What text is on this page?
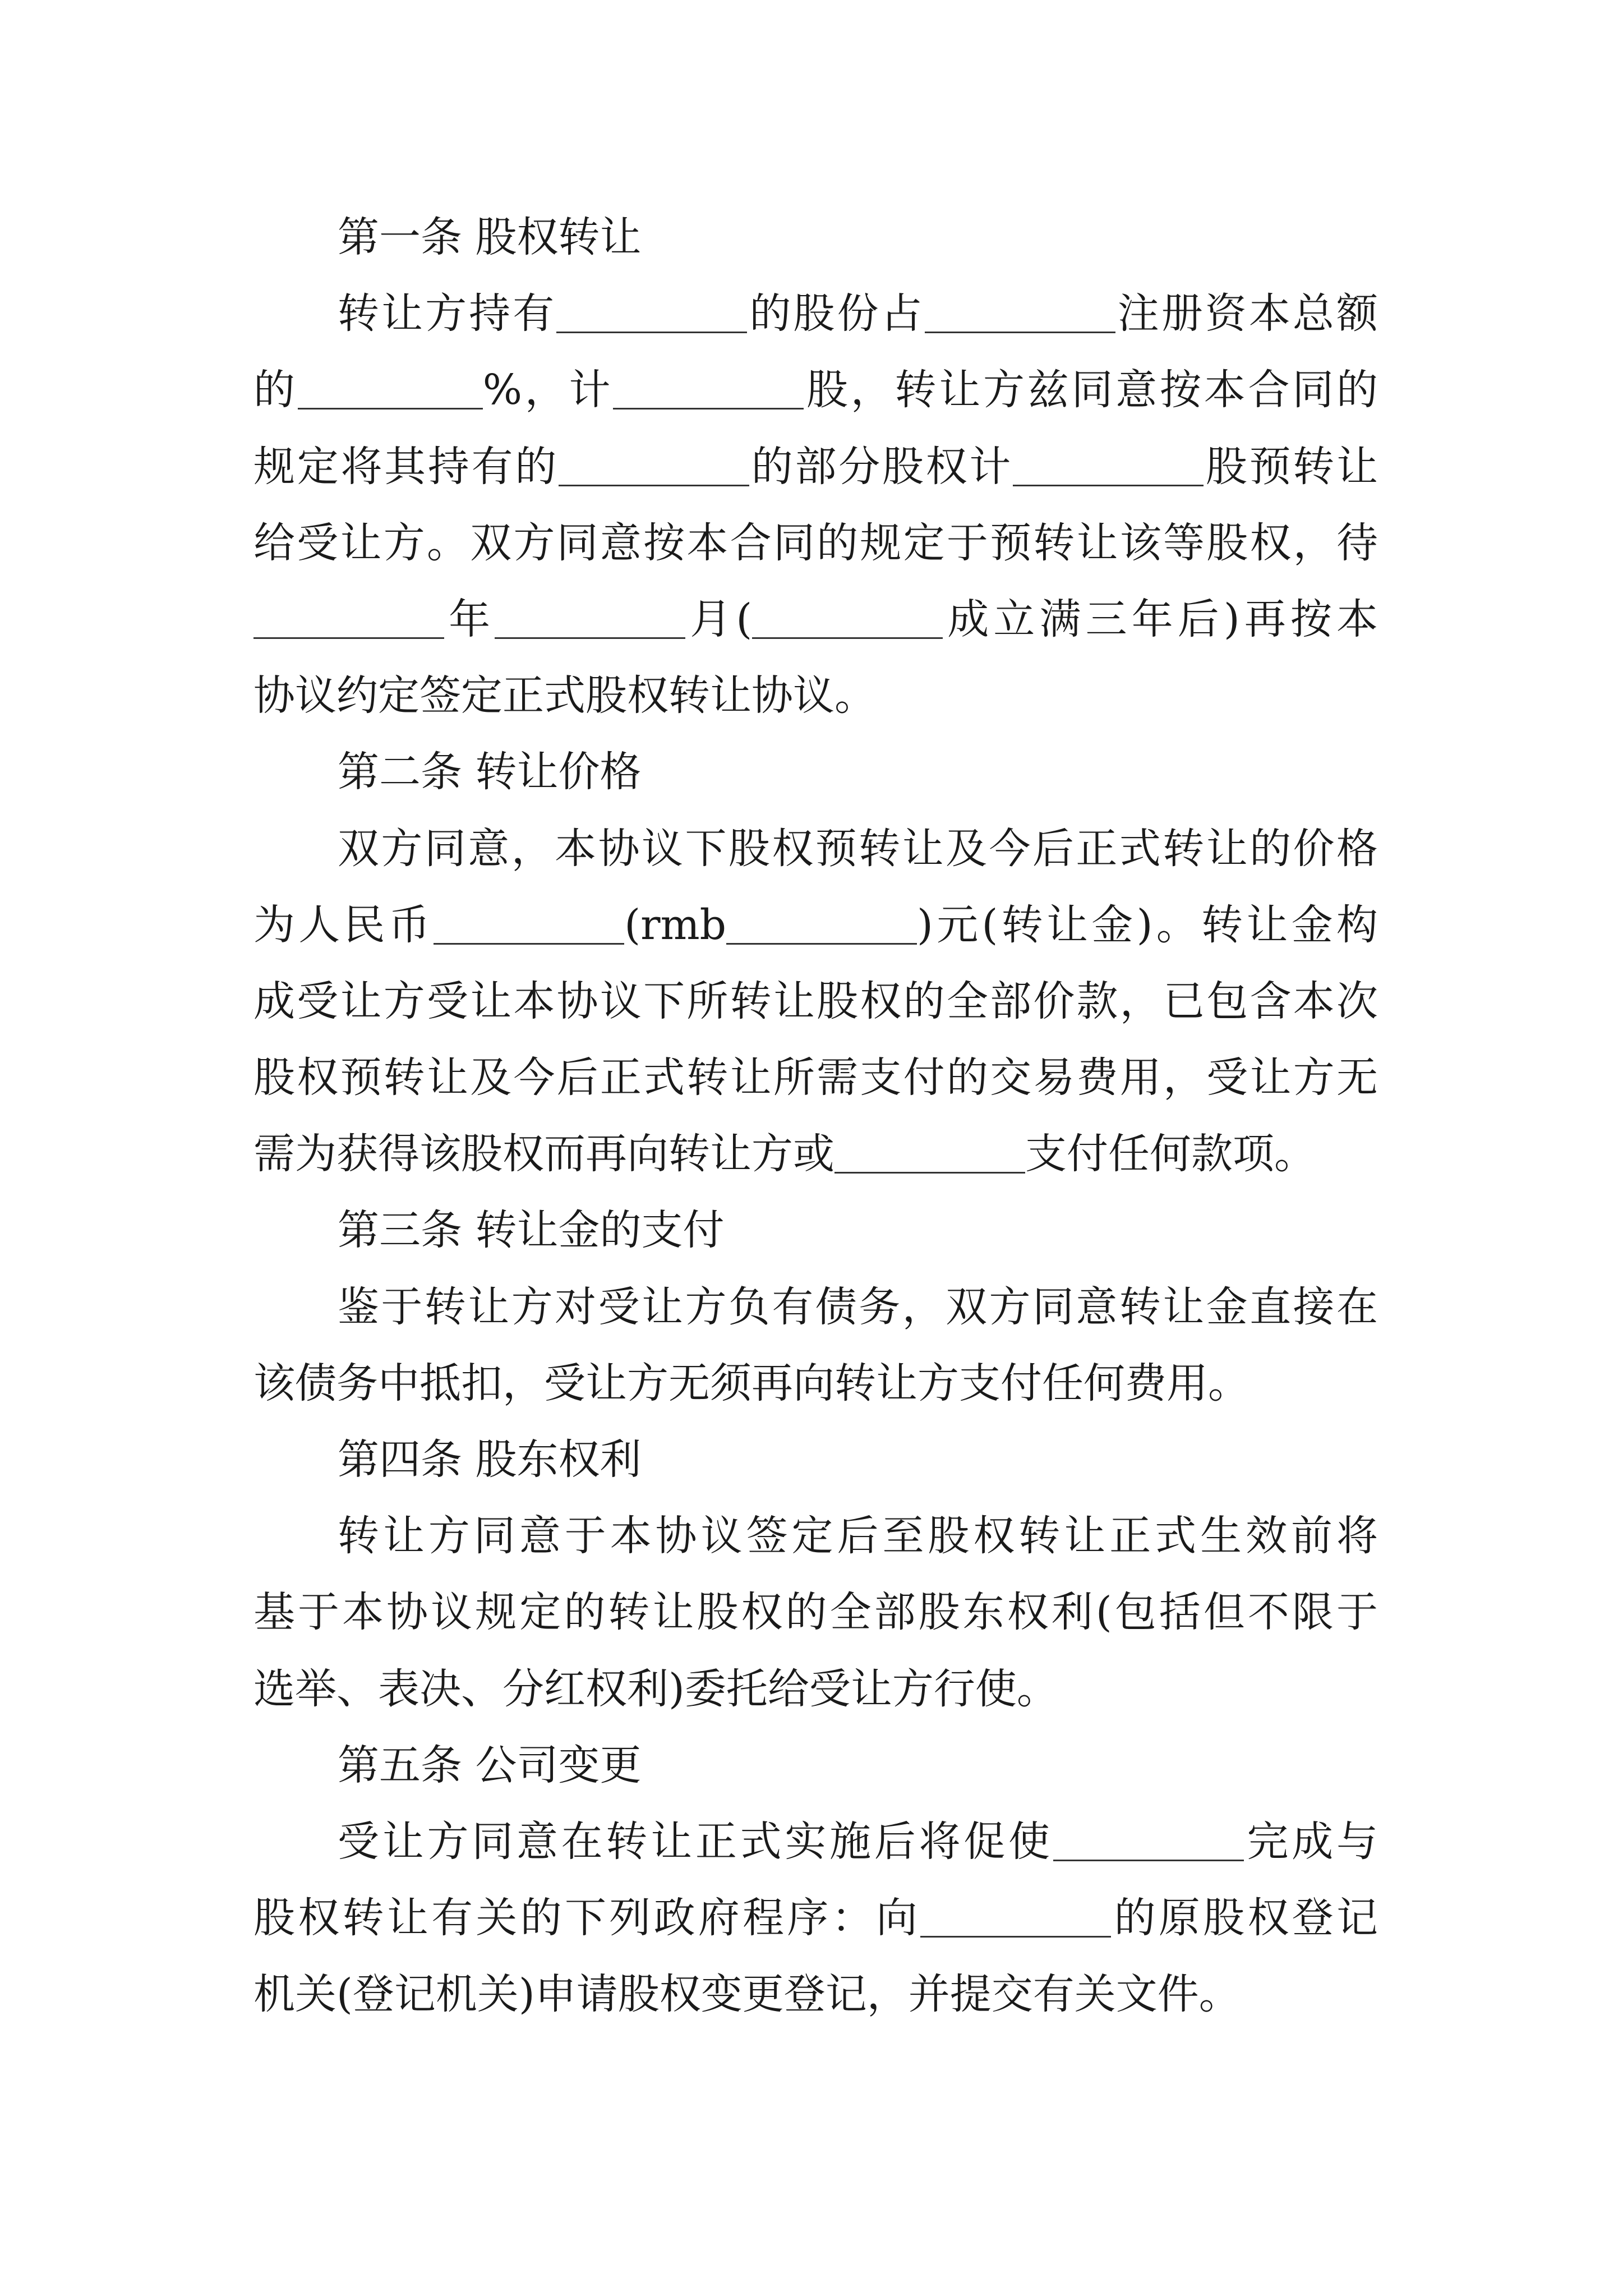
第一条 股权转让
转让方持有	的股份占	注册资本总额
的	%，计	股，转让方兹同意按本合同的
规定将其持有的	的部分股权计	股预转让
给受让方。双方同意按本合同的规定于预转让该等股权，待
年	月(	成立满三年后)再按本
协议约定签定正式股权转让协议。
第二条 转让价格
双方同意，本协议下股权预转让及今后正式转让的价格
为人民币	(rmb	)元(转让金)。转让金构
成受让方受让本协议下所转让股权的全部价款，已包含本次
股权预转让及今后正式转让所需支付的交易费用，受让方无
需为获得该股权而再向转让方或	支付任何款项。
第三条 转让金的支付
鉴于转让方对受让方负有债务，双方同意转让金直接在
该债务中抵扣，受让方无须再向转让方支付任何费用。
第四条 股东权利
转让方同意于本协议签定后至股权转让正式生效前将
基于本协议规定的转让股权的全部股东权利(包括但不限于
选举、表决、分红权利)委托给受让方行使。
第五条 公司变更
受让方同意在转让正式实施后将促使	完成与
股权转让有关的下列政府程序：向	的原股权登记
机关(登记机关)申请股权变更登记，并提交有关文件。
